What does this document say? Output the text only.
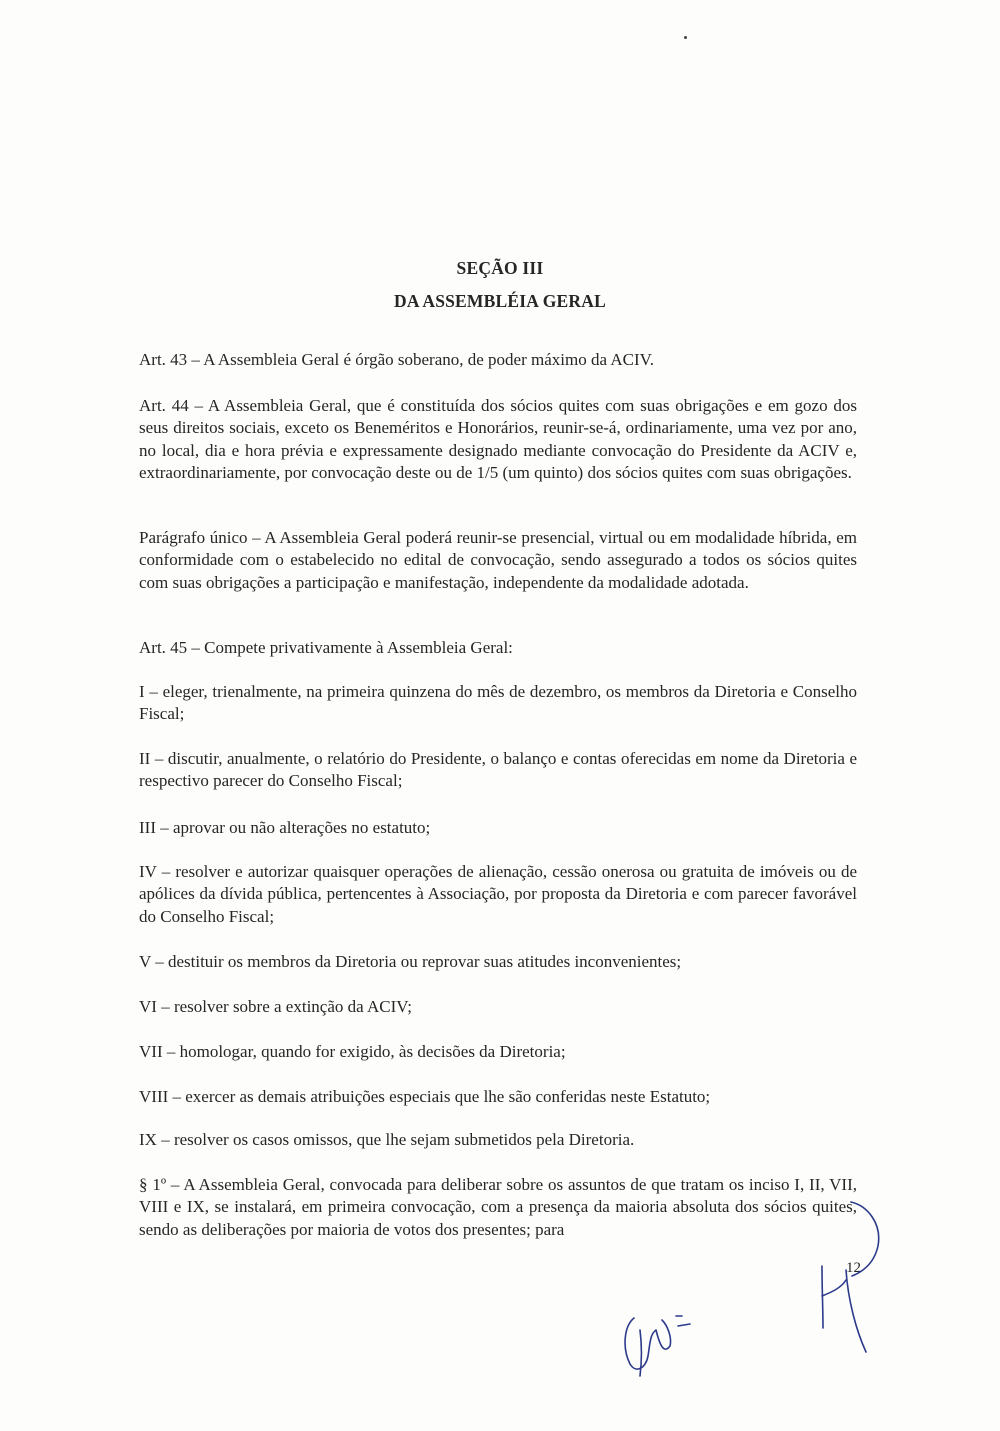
SEÇÃO III
DA ASSEMBLÉIA GERAL

Art. 43 – A Assembleia Geral é órgão soberano, de poder máximo da ACIV.

Art. 44 – A Assembleia Geral, que é constituída dos sócios quites com suas obrigações e em gozo dos seus direitos sociais, exceto os Beneméritos e Honorários, reunir-se-á, ordinariamente, uma vez por ano, no local, dia e hora prévia e expressamente designado mediante convocação do Presidente da ACIV e, extraordinariamente, por convocação deste ou de 1/5 (um quinto) dos sócios quites com suas obrigações.

Parágrafo único – A Assembleia Geral poderá reunir-se presencial, virtual ou em modalidade híbrida, em conformidade com o estabelecido no edital de convocação, sendo assegurado a todos os sócios quites com suas obrigações a participação e manifestação, independente da modalidade adotada.

Art. 45 – Compete privativamente à Assembleia Geral:

I – eleger, trienalmente, na primeira quinzena do mês de dezembro, os membros da Diretoria e Conselho Fiscal;

II – discutir, anualmente, o relatório do Presidente, o balanço e contas oferecidas em nome da Diretoria e respectivo parecer do Conselho Fiscal;

III – aprovar ou não alterações no estatuto;

IV – resolver e autorizar quaisquer operações de alienação, cessão onerosa ou gratuita de imóveis ou de apólices da dívida pública, pertencentes à Associação, por proposta da Diretoria e com parecer favorável do Conselho Fiscal;

V – destituir os membros da Diretoria ou reprovar suas atitudes inconvenientes;

VI – resolver sobre a extinção da ACIV;

VII – homologar, quando for exigido, às decisões da Diretoria;

VIII – exercer as demais atribuições especiais que lhe são conferidas neste Estatuto;

IX – resolver os casos omissos, que lhe sejam submetidos pela Diretoria.

§ 1º – A Assembleia Geral, convocada para deliberar sobre os assuntos de que tratam os inciso I, II, VII, VIII e IX, se instalará, em primeira convocação, com a presença da maioria absoluta dos sócios quites, sendo as deliberações por maioria de votos dos presentes; para

12
